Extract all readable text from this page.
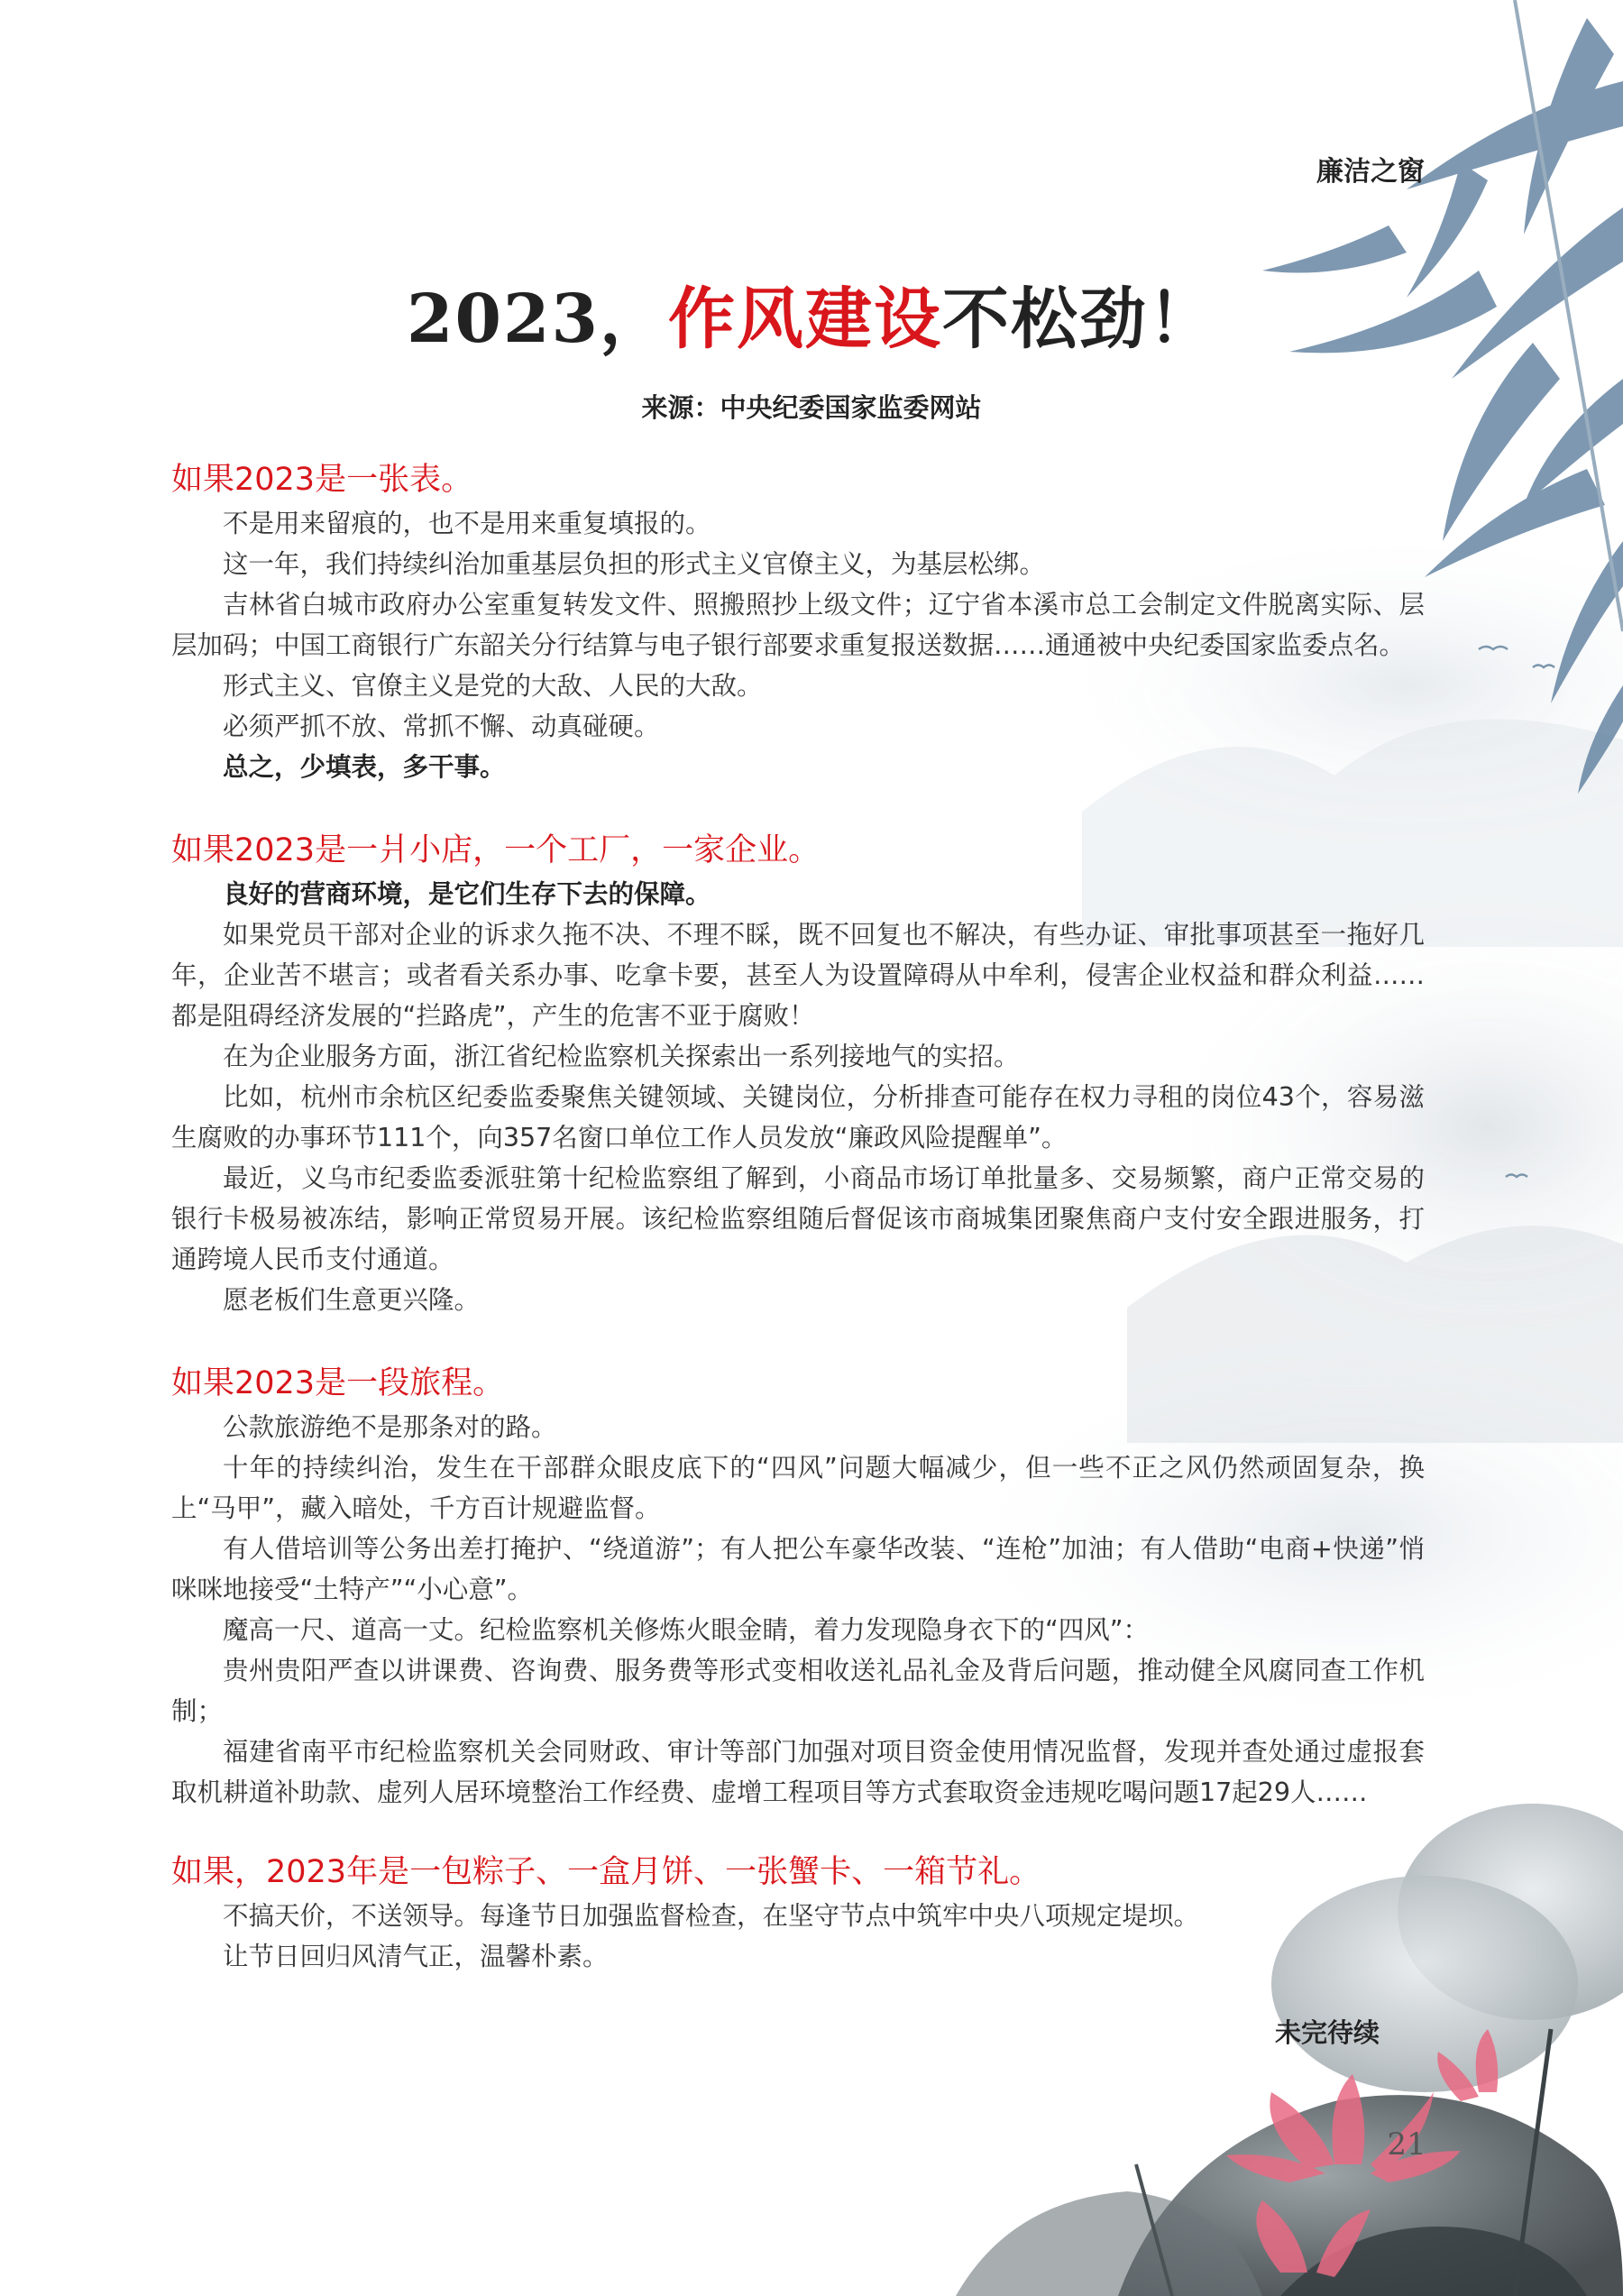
廉洁之窗
2023，作风建设不松劲！
来源：中央纪委国家监委网站
如果2023是一张表。

不是用来留痕的，也不是用来重复填报的。

这一年，我们持续纠治加重基层负担的形式主义官僚主义，为基层松绑。

吉林省白城市政府办公室重复转发文件、照搬照抄上级文件；辽宁省本溪市总工会制定文件脱离实际、层层加码；中国工商银行广东韶关分行结算与电子银行部要求重复报送数据……通通被中央纪委国家监委点名。

形式主义、官僚主义是党的大敌、人民的大敌。

必须严抓不放、常抓不懈、动真碰硬。

总之，少填表，多干事。

如果2023是一爿小店，一个工厂，一家企业。

良好的营商环境，是它们生存下去的保障。

如果党员干部对企业的诉求久拖不决、不理不睬，既不回复也不解决，有些办证、审批事项甚至一拖好几年，企业苦不堪言；或者看关系办事、吃拿卡要，甚至人为设置障碍从中牟利，侵害企业权益和群众利益……都是阻碍经济发展的“拦路虎”，产生的危害不亚于腐败！

在为企业服务方面，浙江省纪检监察机关探索出一系列接地气的实招。

比如，杭州市余杭区纪委监委聚焦关键领域、关键岗位，分析排查可能存在权力寻租的岗位43个，容易滋生腐败的办事环节111个，向357名窗口单位工作人员发放“廉政风险提醒单”。

最近，义乌市纪委监委派驻第十纪检监察组了解到，小商品市场订单批量多、交易频繁，商户正常交易的银行卡极易被冻结，影响正常贸易开展。该纪检监察组随后督促该市商城集团聚焦商户支付安全跟进服务，打通跨境人民币支付通道。

愿老板们生意更兴隆。

如果2023是一段旅程。

公款旅游绝不是那条对的路。

十年的持续纠治，发生在干部群众眼皮底下的“四风”问题大幅减少，但一些不正之风仍然顽固复杂，换上“马甲”，藏入暗处，千方百计规避监督。

有人借培训等公务出差打掩护、“绕道游”；有人把公车豪华改装、“连枪”加油；有人借助“电商+快递”悄咪咪地接受“土特产”“小心意”。

魔高一尺、道高一丈。纪检监察机关修炼火眼金睛，着力发现隐身衣下的“四风”：

贵州贵阳严查以讲课费、咨询费、服务费等形式变相收送礼品礼金及背后问题，推动健全风腐同查工作机制；

福建省南平市纪检监察机关会同财政、审计等部门加强对项目资金使用情况监督，发现并查处通过虚报套取机耕道补助款、虚列人居环境整治工作经费、虚增工程项目等方式套取资金违规吃喝问题17起29人……

如果，2023年是一包粽子、一盒月饼、一张蟹卡、一箱节礼。

不搞天价，不送领导。每逢节日加强监督检查，在坚守节点中筑牢中央八项规定堤坝。

让节日回归风清气正，温馨朴素。

未完待续
21
